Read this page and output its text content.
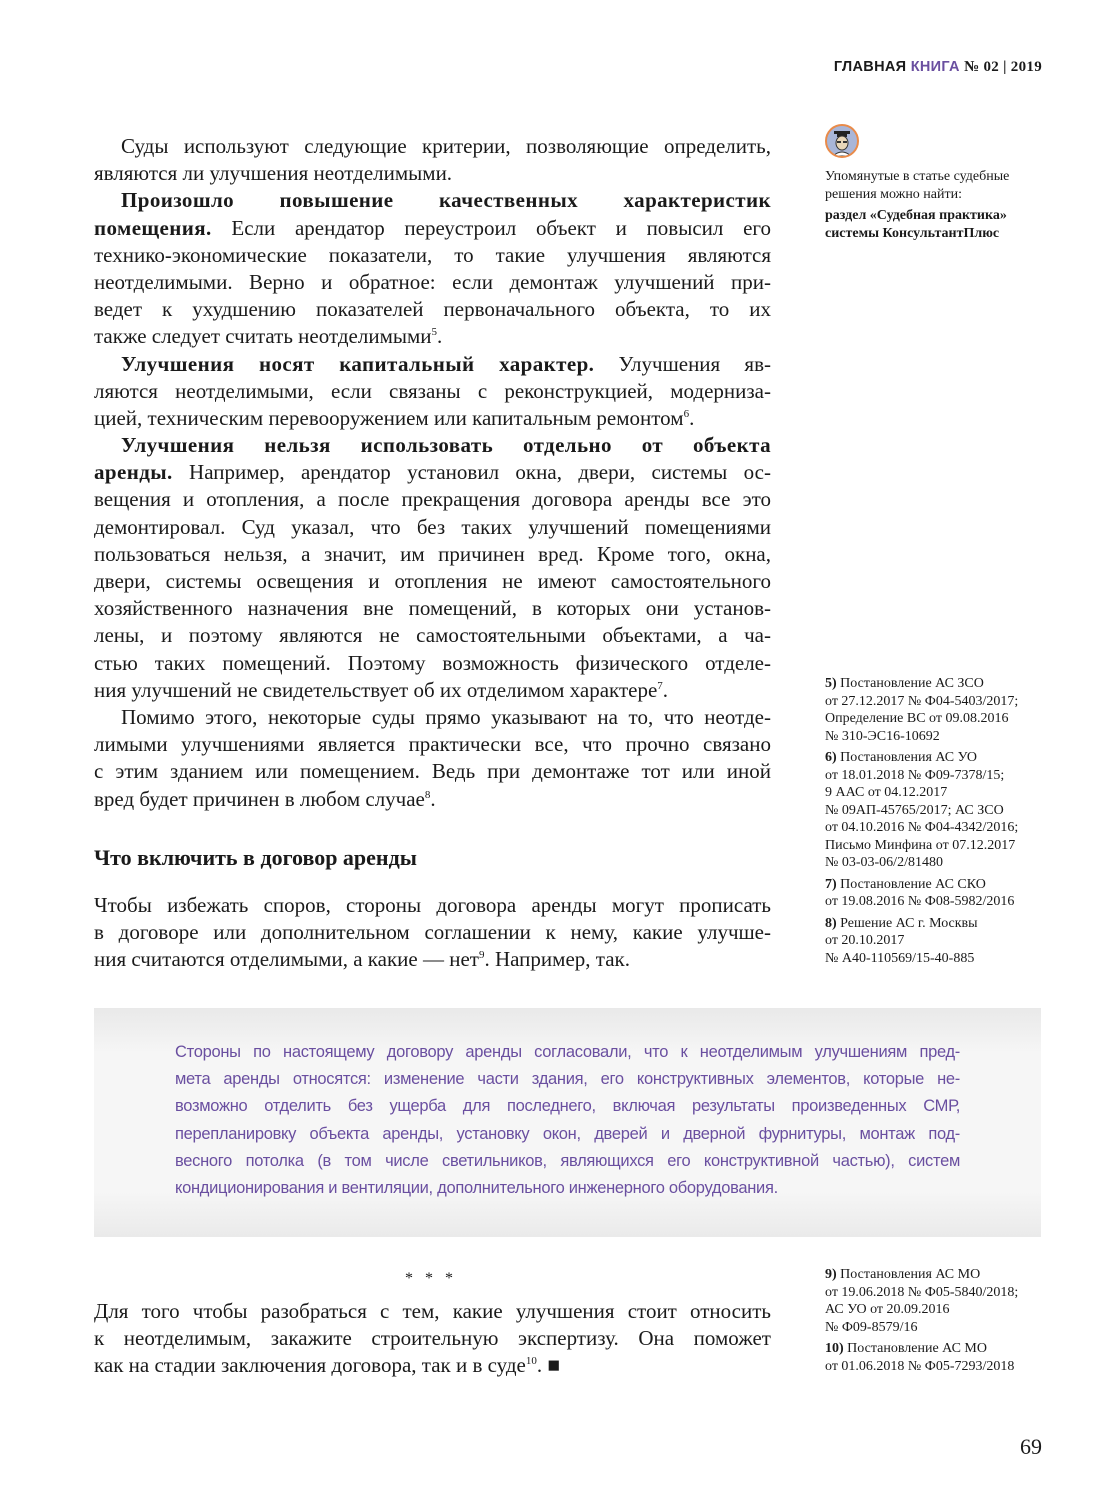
ГЛАВНАЯ КНИГА № 02 | 2019
Упомянутые в статье судебные
решения можно найти:
раздел «Судебная практика»
системы КонсультантПлюс
Суды используют следующие критерии, позволяющие определить,
являются ли улучшения неотделимыми.
Произошло повышение качественных характеристик
помещения. Если арендатор переустроил объект и повысил его
технико-экономические показатели, то такие улучшения являются
неотделимыми. Верно и обратное: если демонтаж улучшений при-
ведет к ухудшению показателей первоначального объекта, то их
также следует считать неотделимыми$^5$.
Улучшения носят капитальный характер. Улучшения яв-
ляются неотделимыми, если связаны с реконструкцией, модерниза-
цией, техническим перевооружением или капитальным ремонтом$^6$.
Улучшения нельзя использовать отдельно от объекта
аренды. Например, арендатор установил окна, двери, системы ос-
вещения и отопления, а после прекращения договора аренды все это
демонтировал. Суд указал, что без таких улучшений помещениями
пользоваться нельзя, а значит, им причинен вред. Кроме того, окна,
двери, системы освещения и отопления не имеют самостоятельного
хозяйственного назначения вне помещений, в которых они установ-
лены, и поэтому являются не самостоятельными объектами, а ча-
стью таких помещений. Поэтому возможность физического отделе-
ния улучшений не свидетельствует об их отделимом характере$^7$.
Помимо этого, некоторые суды прямо указывают на то, что неотде-
лимыми улучшениями является практически все, что прочно связано
с этим зданием или помещением. Ведь при демонтаже тот или иной
вред будет причинен в любом случае$^8$.
Что включить в договор аренды
Чтобы избежать споров, стороны договора аренды могут прописать
в договоре или дополнительном соглашении к нему, какие улучше-
ния считаются отделимыми, а какие — нет$^9$. Например, так.
Стороны по настоящему договору аренды согласовали, что к неотделимым улучшениям пред-
мета аренды относятся: изменение части здания, его конструктивных элементов, которые не-
возможно отделить без ущерба для последнего, включая результаты произведенных СМР,
перепланировку объекта аренды, установку окон, дверей и дверной фурнитуры, монтаж под-
весного потолка (в том числе светильников, являющихся его конструктивной частью), систем
кондиционирования и вентиляции, дополнительного инженерного оборудования.
* * *
Для того чтобы разобраться с тем, какие улучшения стоит относить
к неотделимым, закажите строительную экспертизу. Она поможет
как на стадии заключения договора, так и в суде$^{10}$. ■
5) Постановление АС ЗСО
от 27.12.2017 № Ф04-5403/2017;
Определение ВС от 09.08.2016
№ 310-ЭС16-10692
6) Постановления АС УО
от 18.01.2018 № Ф09-7378/15;
9 ААС от 04.12.2017
№ 09АП-45765/2017; АС ЗСО
от 04.10.2016 № Ф04-4342/2016;
Письмо Минфина от 07.12.2017
№ 03-03-06/2/81480
7) Постановление АС СКО
от 19.08.2016 № Ф08-5982/2016
8) Решение АС г. Москвы
от 20.10.2017
№ А40-110569/15-40-885
9) Постановления АС МО
от 19.06.2018 № Ф05-5840/2018;
АС УО от 20.09.2016
№ Ф09-8579/16
10) Постановление АС МО
от 01.06.2018 № Ф05-7293/2018
69
